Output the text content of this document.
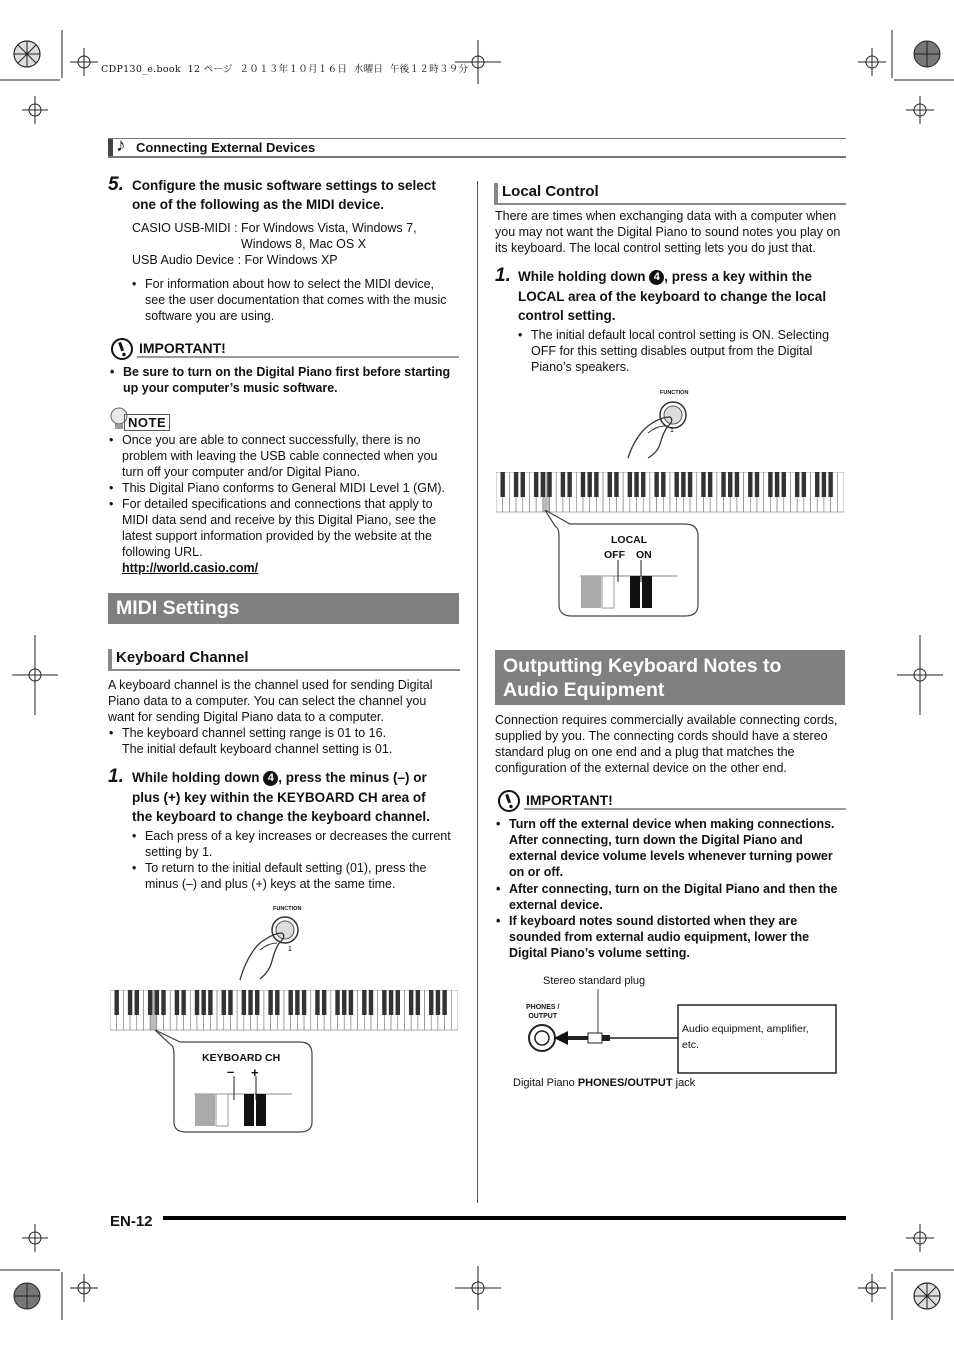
CDP130_e.book  12 ページ  ２０１３年１０月１６日  水曜日  午後１２時３９分
♪ Connecting External Devices
5. Configure the music software settings to select
one of the following as the MIDI device.
CASIO USB-MIDI : For Windows Vista, Windows 7,
Windows 8, Mac OS X
USB Audio Device : For Windows XP
• For information about how to select the MIDI device,
see the user documentation that comes with the music
software you are using.
IMPORTANT!
• Be sure to turn on the Digital Piano first before starting
up your computer’s music software.
NOTE
• Once you are able to connect successfully, there is no
problem with leaving the USB cable connected when you
turn off your computer and/or Digital Piano.
• This Digital Piano conforms to General MIDI Level 1 (GM).
• For detailed specifications and connections that apply to
MIDI data send and receive by this Digital Piano, see the
latest support information provided by the website at the
following URL.
http://world.casio.com/
MIDI Settings
Keyboard Channel
A keyboard channel is the channel used for sending Digital
Piano data to a computer. You can select the channel you
want for sending Digital Piano data to a computer.
• The keyboard channel setting range is 01 to 16.
The initial default keyboard channel setting is 01.
1. While holding down 4 , press the minus (–) or
plus (+) key within the KEYBOARD CH area of
the keyboard to change the keyboard channel.
• Each press of a key increases or decreases the current
setting by 1.
• To return to the initial default setting (01), press the
minus (–) and plus (+) keys at the same time.
1
FUNCTION
KEYBOARD CH
– +
EN-12
Local Control
There are times when exchanging data with a computer when
you may not want the Digital Piano to sound notes you play on
its keyboard. The local control setting lets you do just that.
1. While holding down 4 , press a key within the
LOCAL area of the keyboard to change the local
control setting.
• The initial default local control setting is ON. Selecting
OFF for this setting disables output from the Digital
Piano’s speakers.
1
FUNCTION
LOCAL
OFF ON
Outputting Keyboard Notes to
Audio Equipment
Connection requires commercially available connecting cords,
supplied by you. The connecting cords should have a stereo
standard plug on one end and a plug that matches the
configuration of the external device on the other end.
IMPORTANT!
• Turn off the external device when making connections.
After connecting, turn down the Digital Piano and
external device volume levels whenever turning power
on or off.
• After connecting, turn on the Digital Piano and then the
external device.
• If keyboard notes sound distorted when they are
sounded from external audio equipment, lower the
Digital Piano’s volume setting.
Stereo standard plug
PHONES /
OUTPUT
Audio equipment, amplifier,
etc.
Digital Piano PHONES/OUTPUT jack
